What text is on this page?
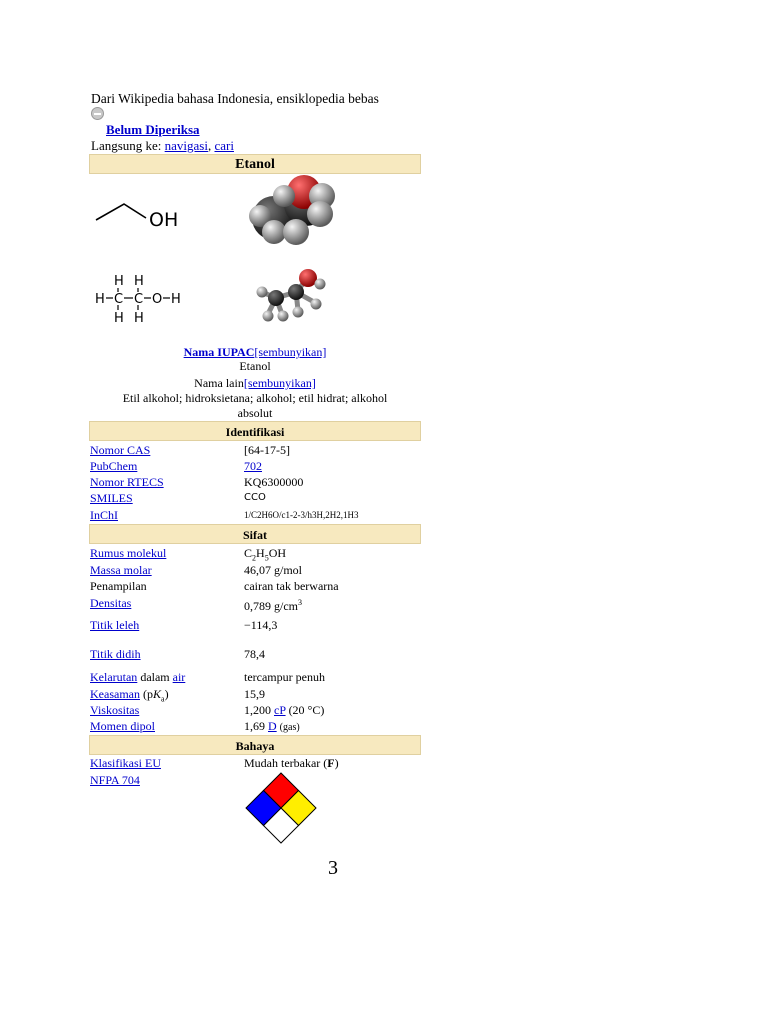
Dari Wikipedia bahasa Indonesia, ensiklopedia bebas
Belum Diperiksa
Langsung ke: navigasi, cari
Etanol
OH
H H
H C C O H
H H
Nama IUPAC[sembunyikan]
Etanol
Nama lain[sembunyikan]
Etil alkohol; hidroksietana; alkohol; etil hidrat; alkohol absolut
Identifikasi
Nomor CAS	[64-17-5]
PubChem	702
Nomor RTECS	KQ6300000
SMILES	CCO
InChI	1/C2H6O/c1-2-3/h3H,2H2,1H3
Sifat
Rumus molekul	$C_2H_5OH$
Massa molar	46,07 g/mol
Penampilan	cairan tak berwarna
Densitas	0,789 $g/cm^3$
Titik leleh	−114,3
Titik didih	78,4
Kelarutan dalam air	tercampur penuh
Keasaman $(pK_a)$	15,9
Viskositas	1,200 cP (20 °C)
Momen dipol	1,69 D (gas)
Bahaya
Klasifikasi EU	Mudah terbakar (F)
NFPA 704
3
